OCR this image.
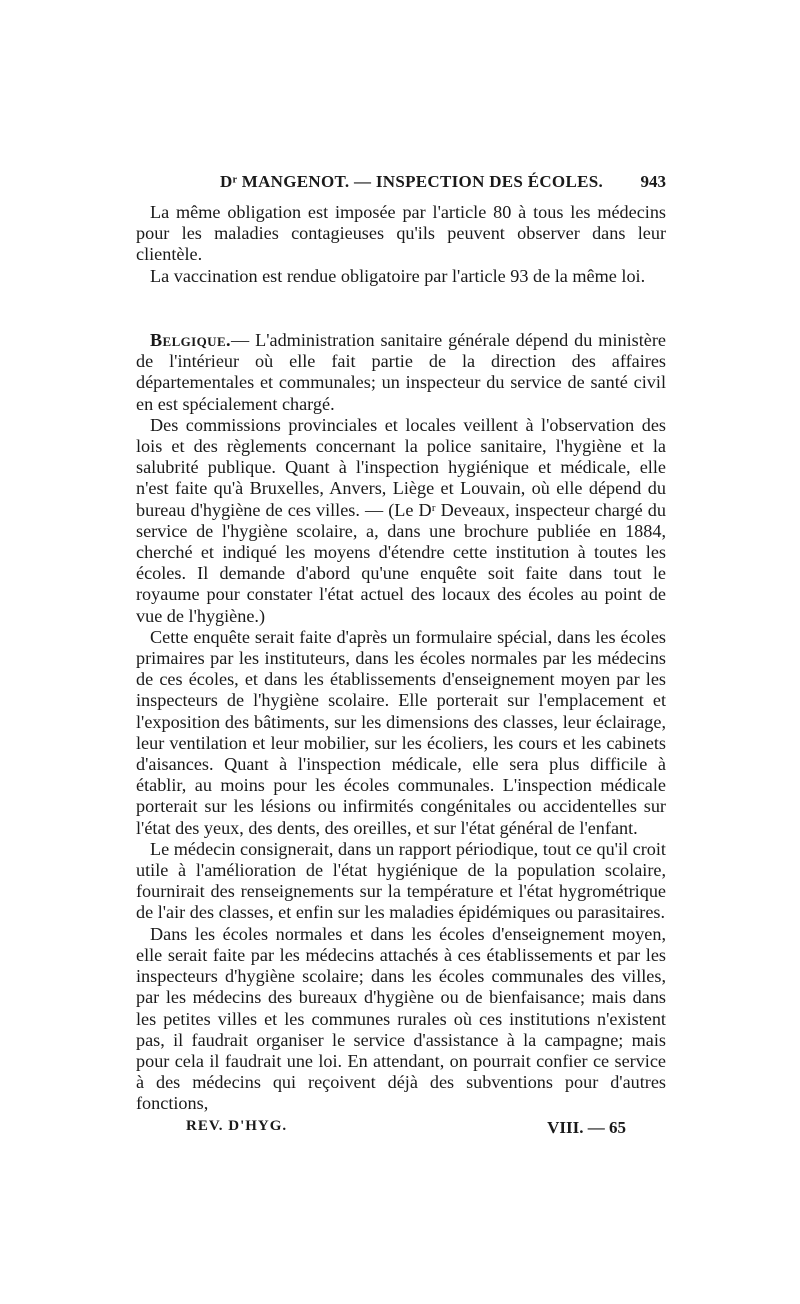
Dʳ MANGENOT. — INSPECTION DES ÉCOLES. 943

La même obligation est imposée par l'article 80 à tous les médecins pour les maladies contagieuses qu'ils peuvent observer dans leur clientèle.

La vaccination est rendue obligatoire par l'article 93 de la même loi.

Belgique.— L'administration sanitaire générale dépend du ministère de l'intérieur où elle fait partie de la direction des affaires départementales et communales; un inspecteur du service de santé civil en est spécialement chargé.

Des commissions provinciales et locales veillent à l'observation des lois et des règlements concernant la police sanitaire, l'hygiène et la salubrité publique. Quant à l'inspection hygiénique et médicale, elle n'est faite qu'à Bruxelles, Anvers, Liège et Louvain, où elle dépend du bureau d'hygiène de ces villes. — (Le Dʳ Deveaux, inspecteur chargé du service de l'hygiène scolaire, a, dans une brochure publiée en 1884, cherché et indiqué les moyens d'étendre cette institution à toutes les écoles. Il demande d'abord qu'une enquête soit faite dans tout le royaume pour constater l'état actuel des locaux des écoles au point de vue de l'hygiène.)

Cette enquête serait faite d'après un formulaire spécial, dans les écoles primaires par les instituteurs, dans les écoles normales par les médecins de ces écoles, et dans les établissements d'enseignement moyen par les inspecteurs de l'hygiène scolaire. Elle porterait sur l'emplacement et l'exposition des bâtiments, sur les dimensions des classes, leur éclairage, leur ventilation et leur mobilier, sur les écoliers, les cours et les cabinets d'aisances. Quant à l'inspection médicale, elle sera plus difficile à établir, au moins pour les écoles communales. L'inspection médicale porterait sur les lésions ou infirmités congénitales ou accidentelles sur l'état des yeux, des dents, des oreilles, et sur l'état général de l'enfant.

Le médecin consignerait, dans un rapport périodique, tout ce qu'il croit utile à l'amélioration de l'état hygiénique de la population scolaire, fournirait des renseignements sur la température et l'état hygrométrique de l'air des classes, et enfin sur les maladies épidémiques ou parasitaires.

Dans les écoles normales et dans les écoles d'enseignement moyen, elle serait faite par les médecins attachés à ces établissements et par les inspecteurs d'hygiène scolaire; dans les écoles communales des villes, par les médecins des bureaux d'hygiène ou de bienfaisance; mais dans les petites villes et les communes rurales où ces institutions n'existent pas, il faudrait organiser le service d'assistance à la campagne; mais pour cela il faudrait une loi. En attendant, on pourrait confier ce service à des médecins qui reçoivent déjà des subventions pour d'autres fonctions,

REV. D'HYG.	VIII. — 65
